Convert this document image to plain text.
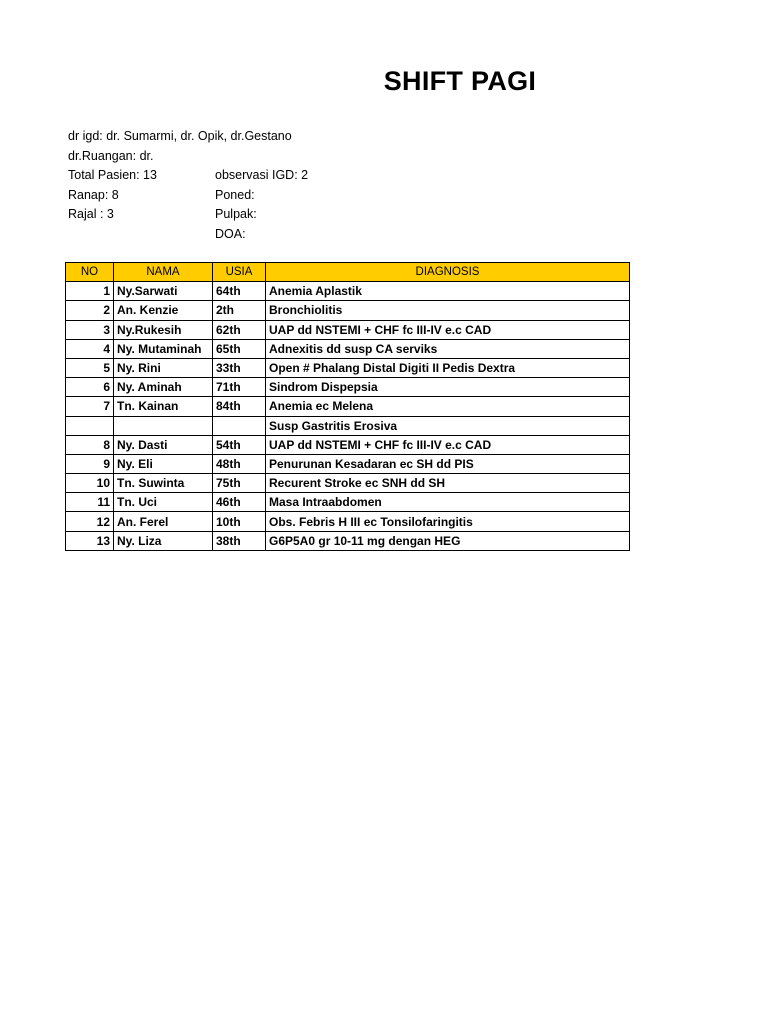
SHIFT PAGI
dr igd: dr. Sumarmi, dr. Opik, dr.Gestano
dr.Ruangan: dr.
Total Pasien: 13	observasi IGD: 2
Ranap: 8	Poned:
Rajal : 3	Pulpak:
DOA:
NO	NAMA	USIA	DIAGNOSIS
1	Ny.Sarwati	64th	Anemia Aplastik
2	An. Kenzie	2th	Bronchiolitis
3	Ny.Rukesih	62th	UAP dd NSTEMI + CHF fc III-IV e.c CAD
4	Ny. Mutaminah	65th	Adnexitis dd susp CA serviks
5	Ny. Rini	33th	Open # Phalang Distal Digiti II Pedis Dextra
6	Ny. Aminah	71th	Sindrom Dispepsia
7	Tn. Kainan	84th	Anemia ec Melena
			Susp Gastritis Erosiva
8	Ny. Dasti	54th	UAP dd NSTEMI + CHF fc III-IV e.c CAD
9	Ny. Eli	48th	Penurunan Kesadaran ec SH dd PIS
10	Tn. Suwinta	75th	Recurent Stroke ec SNH dd SH
11	Tn. Uci	46th	Masa Intraabdomen
12	An. Ferel	10th	Obs. Febris H III ec Tonsilofaringitis
13	Ny. Liza	38th	G6P5A0 gr 10-11 mg dengan HEG
